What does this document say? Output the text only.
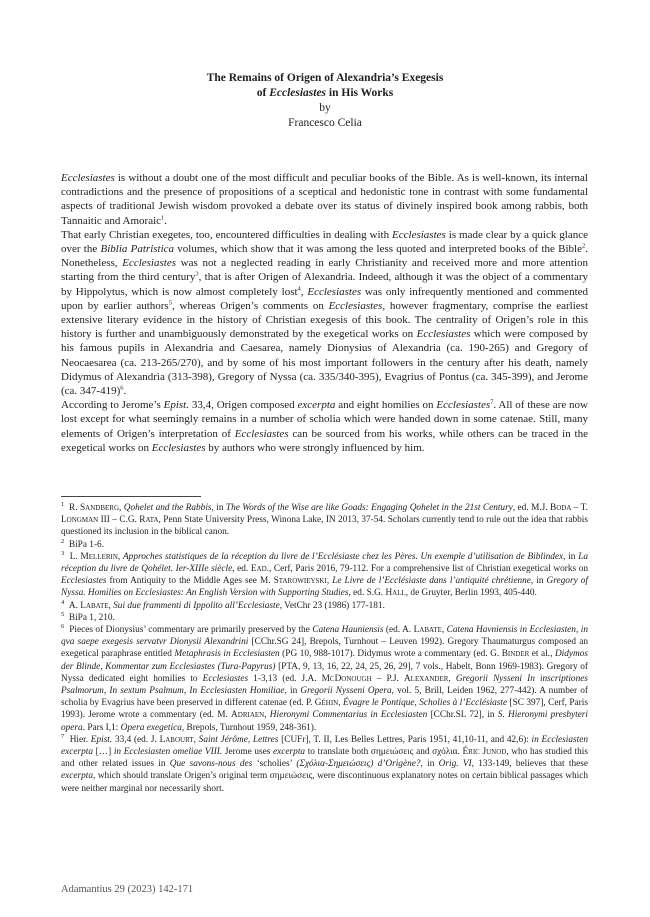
The Remains of Origen of Alexandria’s Exegesis
of Ecclesiastes in His Works
by
Francesco Celia

Ecclesiastes is without a doubt one of the most difficult and peculiar books of the Bible. As is well-known, its internal contradictions and the presence of propositions of a sceptical and hedonistic tone in contrast with some fundamental aspects of traditional Jewish wisdom provoked a debate over its status of divinely inspired book among rabbis, both Tannaitic and Amoraic$^1$.

That early Christian exegetes, too, encountered difficulties in dealing with Ecclesiastes is made clear by a quick glance over the Biblia Patristica volumes, which show that it was among the less quoted and interpreted books of the Bible$^2$. Nonetheless, Ecclesiastes was not a neglected reading in early Christianity and received more and more attention starting from the third century$^3$, that is after Origen of Alexandria. Indeed, although it was the object of a commentary by Hippolytus, which is now almost completely lost$^4$, Ecclesiastes was only infrequently mentioned and commented upon by earlier authors$^5$, whereas Origen’s comments on Ecclesiastes, however fragmentary, comprise the earliest extensive literary evidence in the history of Christian exegesis of this book. The centrality of Origen’s role in this history is further and unambiguously demonstrated by the exegetical works on Ecclesiastes which were composed by his famous pupils in Alexandria and Caesarea, namely Dionysius of Alexandria (ca. 190-265) and Gregory of Neocaesarea (ca. 213-265/270), and by some of his most important followers in the century after his death, namely Didymus of Alexandria (313-398), Gregory of Nyssa (ca. 335/340-395), Evagrius of Pontus (ca. 345-399), and Jerome (ca. 347-419)$^6$.

According to Jerome’s Epist. 33,4, Origen composed excerpta and eight homilies on Ecclesiastes$^7$. All of these are now lost except for what seemingly remains in a number of scholia which were handed down in some catenae. Still, many elements of Origen’s interpretation of Ecclesiastes can be sourced from his works, while others can be traced in the exegetical works on Ecclesiastes by authors who were strongly influenced by him.

$^1$  R. Sandberg, Qohelet and the Rabbis, in The Words of the Wise are like Goads: Engaging Qohelet in the 21st Century, ed. M.J. Boda – T. Longman III – C.G. Rata, Penn State University Press, Winona Lake, IN 2013, 37-54. Scholars currently tend to rule out the idea that rabbis questioned its inclusion in the biblical canon.

$^2$  BiPa 1-6.

$^3$  L. Mellerin, Approches statistiques de la réception du livre de l’Ecclésiaste chez les Pères. Un exemple d’utilisation de Biblindex, in La réception du livre de Qohélet. Ier-XIIIe siècle, ed. Ead., Cerf, Paris 2016, 79-112. For a comprehensive list of Christian exegetical works on Ecclesiastes from Antiquity to the Middle Ages see M. Starowieyski, Le Livre de l’Ecclésiaste dans l’antiquité chrétienne, in Gregory of Nyssa. Homilies on Ecclesiastes: An English Version with Supporting Studies, ed. S.G. Hall, de Gruyter, Berlin 1993, 405-440.

$^4$  A. Labate, Sui due frammenti di Ippolito all’Ecclesiaste, VetChr 23 (1986) 177-181.

$^5$  BiPa 1, 210.

$^6$  Pieces of Dionysius’ commentary are primarily preserved by the Catena Hauniensis (ed. A. Labate, Catena Havniensis in Ecclesiasten, in qva saepe exegesis servatvr Dionysii Alexandrini [CChr.SG 24], Brepols, Turnhout – Leuven 1992). Gregory Thaumaturgus composed an exegetical paraphrase entitled Metaphrasis in Ecclesiasten (PG 10, 988-1017). Didymus wrote a commentary (ed. G. Binder et al., Didymos der Blinde, Kommentar zum Ecclesiastes (Tura-Papyrus) [PTA, 9, 13, 16, 22, 24, 25, 26, 29], 7 vols., Habelt, Bonn 1969-1983). Gregory of Nyssa dedicated eight homilies to Ecclesiastes 1-3,13 (ed. J.A. McDonough – P.J. Alexander, Gregorii Nysseni In inscriptiones Psalmorum, In sextum Psalmum, In Ecclesiasten Homiliae, in Gregorii Nysseni Opera, vol. 5, Brill, Leiden 1962, 277-442). A number of scholia by Evagrius have been preserved in different catenae (ed. P. Géhin, Évagre le Pontique, Scholies à l’Ecclésiaste [SC 397], Cerf, Paris 1993). Jerome wrote a commentary (ed. M. Adriaen, Hieronymi Commentarius in Ecclesiasten [CChr.SL 72], in S. Hieronymi presbyteri opera. Pars I,1: Opera exegetica, Brepols, Turnhout 1959, 248-361).

$^7$  Hier. Epist. 33,4 (ed. J. Labourt, Saint Jérôme, Lettres [CUFr], T. II, Les Belles Lettres, Paris 1951, 41,10-11, and 42,6): in Ecclesiasten excerpta […] in Ecclesiasten omeliae VIII. Jerome uses excerpta to translate both σημειώσεις and σχόλια. Éric Junod, who has studied this and other related issues in Que savons-nous des ‘scholies’ (Σχόλια-Σημειώσεις) d’Origène?, in Orig. VI, 133-149, believes that these excerpta, which should translate Origen’s original term σημειώσεις, were discontinuous explanatory notes on certain biblical passages which were neither marginal nor necessarily short.

Adamantius 29 (2023) 142-171
